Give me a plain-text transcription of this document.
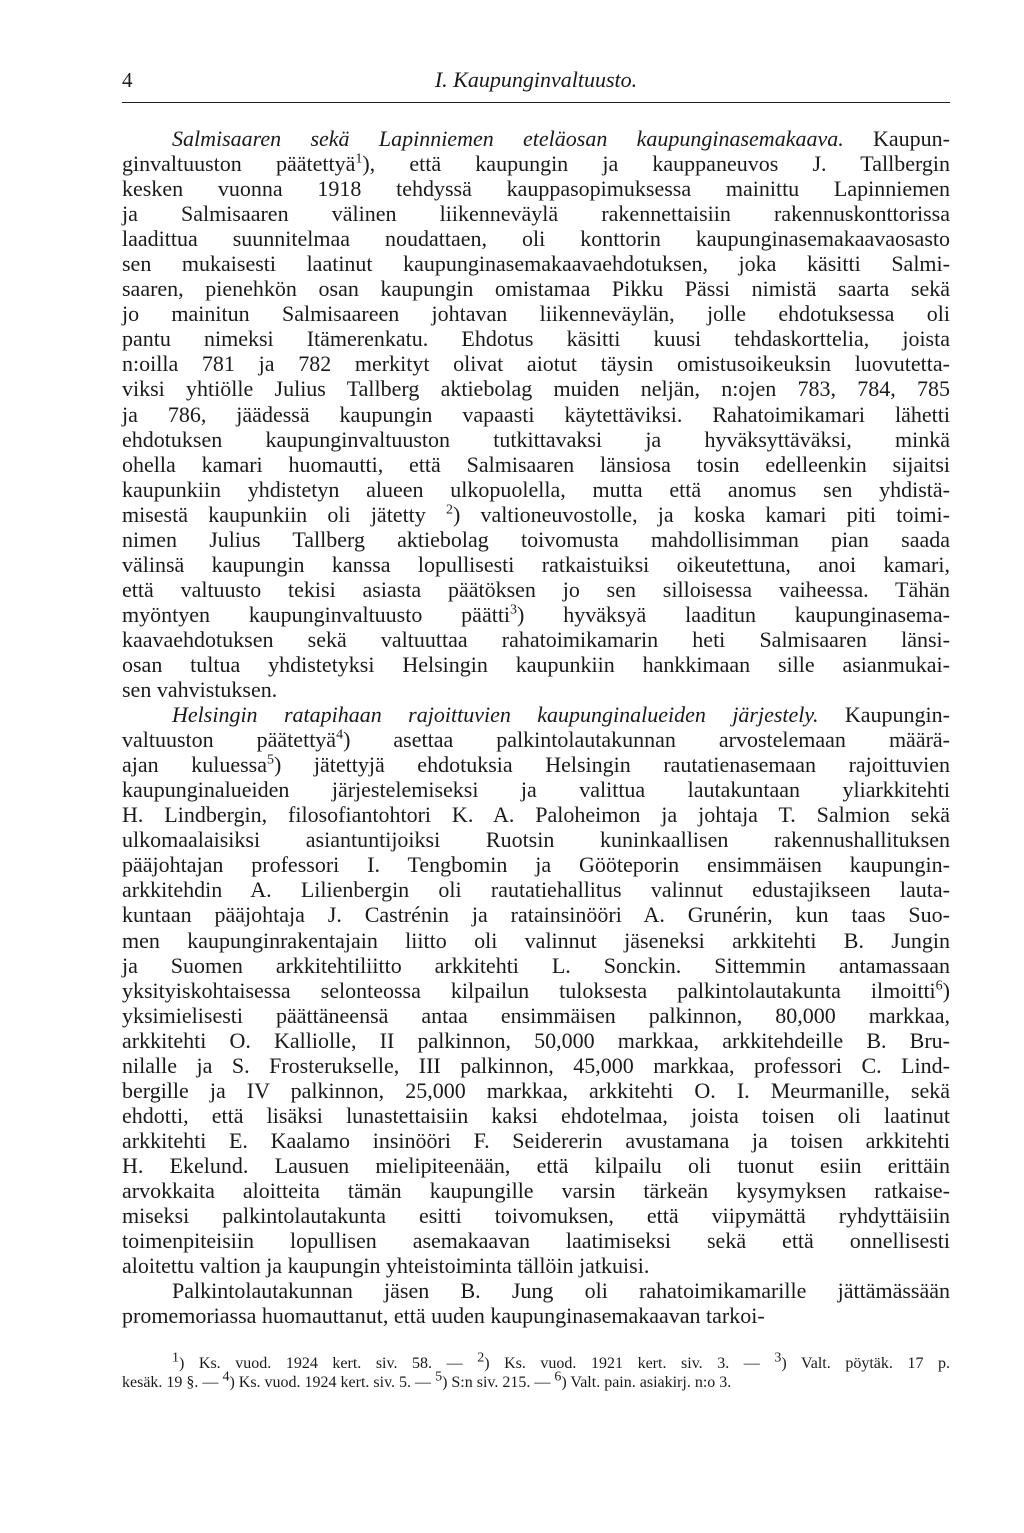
4	I. Kaupunginvaltuusto.
Salmisaaren sekä Lapinniemen eteläosan kaupunginasemakaava. Kaupun-
ginvaltuuston päätettyä$^1$), että kaupungin ja kauppaneuvos J. Tallbergin
kesken vuonna 1918 tehdyssä kauppasopimuksessa mainittu Lapinniemen
ja Salmisaaren välinen liikenneväylä rakennettaisiin rakennuskonttorissa
laadittua suunnitelmaa noudattaen, oli konttorin kaupunginasemakaavaosasto
sen mukaisesti laatinut kaupunginasemakaavaehdotuksen, joka käsitti Salmi-
saaren, pienehkön osan kaupungin omistamaa Pikku Pässi nimistä saarta sekä
jo mainitun Salmisaareen johtavan liikenneväylän, jolle ehdotuksessa oli
pantu nimeksi Itämerenkatu. Ehdotus käsitti kuusi tehdaskorttelia, joista
n:oilla 781 ja 782 merkityt olivat aiotut täysin omistusoikeuksin luovutetta-
viksi yhtiölle Julius Tallberg aktiebolag muiden neljän, n:ojen 783, 784, 785
ja 786, jäädessä kaupungin vapaasti käytettäviksi. Rahatoimikamari lähetti
ehdotuksen kaupunginvaltuuston tutkittavaksi ja hyväksyttäväksi, minkä
ohella kamari huomautti, että Salmisaaren länsiosa tosin edelleenkin sijaitsi
kaupunkiin yhdistetyn alueen ulkopuolella, mutta että anomus sen yhdistä-
misestä kaupunkiin oli jätetty $^2$) valtioneuvostolle, ja koska kamari piti toimi-
nimen Julius Tallberg aktiebolag toivomusta mahdollisimman pian saada
välinsä kaupungin kanssa lopullisesti ratkaistuiksi oikeutettuna, anoi kamari,
että valtuusto tekisi asiasta päätöksen jo sen silloisessa vaiheessa. Tähän
myöntyen kaupunginvaltuusto päätti$^3$) hyväksyä laaditun kaupunginasema-
kaavaehdotuksen sekä valtuuttaa rahatoimikamarin heti Salmisaaren länsi-
osan tultua yhdistetyksi Helsingin kaupunkiin hankkimaan sille asianmukai-
sen vahvistuksen.
Helsingin ratapihaan rajoittuvien kaupunginalueiden järjestely. Kaupungin-
valtuuston päätettyä$^4$) asettaa palkintolautakunnan arvostelemaan määrä-
ajan kuluessa$^5$) jätettyjä ehdotuksia Helsingin rautatienasemaan rajoittuvien
kaupunginalueiden järjestelemiseksi ja valittua lautakuntaan yliarkkitehti
H. Lindbergin, filosofiantohtori K. A. Paloheimon ja johtaja T. Salmion sekä
ulkomaalaisiksi asiantuntijoiksi Ruotsin kuninkaallisen rakennushallituksen
pääjohtajan professori I. Tengbomin ja Gööteporin ensimmäisen kaupungin-
arkkitehdin A. Lilienbergin oli rautatiehallitus valinnut edustajikseen lauta-
kuntaan pääjohtaja J. Castrénin ja ratainsinööri A. Grunérin, kun taas Suo-
men kaupunginrakentajain liitto oli valinnut jäseneksi arkkitehti B. Jungin
ja Suomen arkkitehtiliitto arkkitehti L. Sonckin. Sittemmin antamassaan
yksityiskohtaisessa selonteossa kilpailun tuloksesta palkintolautakunta ilmoitti$^6$)
yksimielisesti päättäneensä antaa ensimmäisen palkinnon, 80,000 markkaa,
arkkitehti O. Kalliolle, II palkinnon, 50,000 markkaa, arkkitehdeille B. Bru-
nilalle ja S. Frosterukselle, III palkinnon, 45,000 markkaa, professori C. Lind-
bergille ja IV palkinnon, 25,000 markkaa, arkkitehti O. I. Meurmanille, sekä
ehdotti, että lisäksi lunastettaisiin kaksi ehdotelmaa, joista toisen oli laatinut
arkkitehti E. Kaalamo insinööri F. Seidererin avustamana ja toisen arkkitehti
H. Ekelund. Lausuen mielipiteenään, että kilpailu oli tuonut esiin erittäin
arvokkaita aloitteita tämän kaupungille varsin tärkeän kysymyksen ratkaise-
miseksi palkintolautakunta esitti toivomuksen, että viipymättä ryhdyttäisiin
toimenpiteisiin lopullisen asemakaavan laatimiseksi sekä että onnellisesti
aloitettu valtion ja kaupungin yhteistoiminta tällöin jatkuisi.
Palkintolautakunnan jäsen B. Jung oli rahatoimikamarille jättämässään
promemoriassa huomauttanut, että uuden kaupunginasemakaavan tarkoi-
$^1$) Ks. vuod. 1924 kert. siv. 58. — $^2$) Ks. vuod. 1921 kert. siv. 3. — $^3$) Valt. pöytäk. 17 p.
kesäk. 19 §. — $^4$) Ks. vuod. 1924 kert. siv. 5. — $^5$) S:n siv. 215. — $^6$) Valt. pain. asiakirj. n:o 3.
